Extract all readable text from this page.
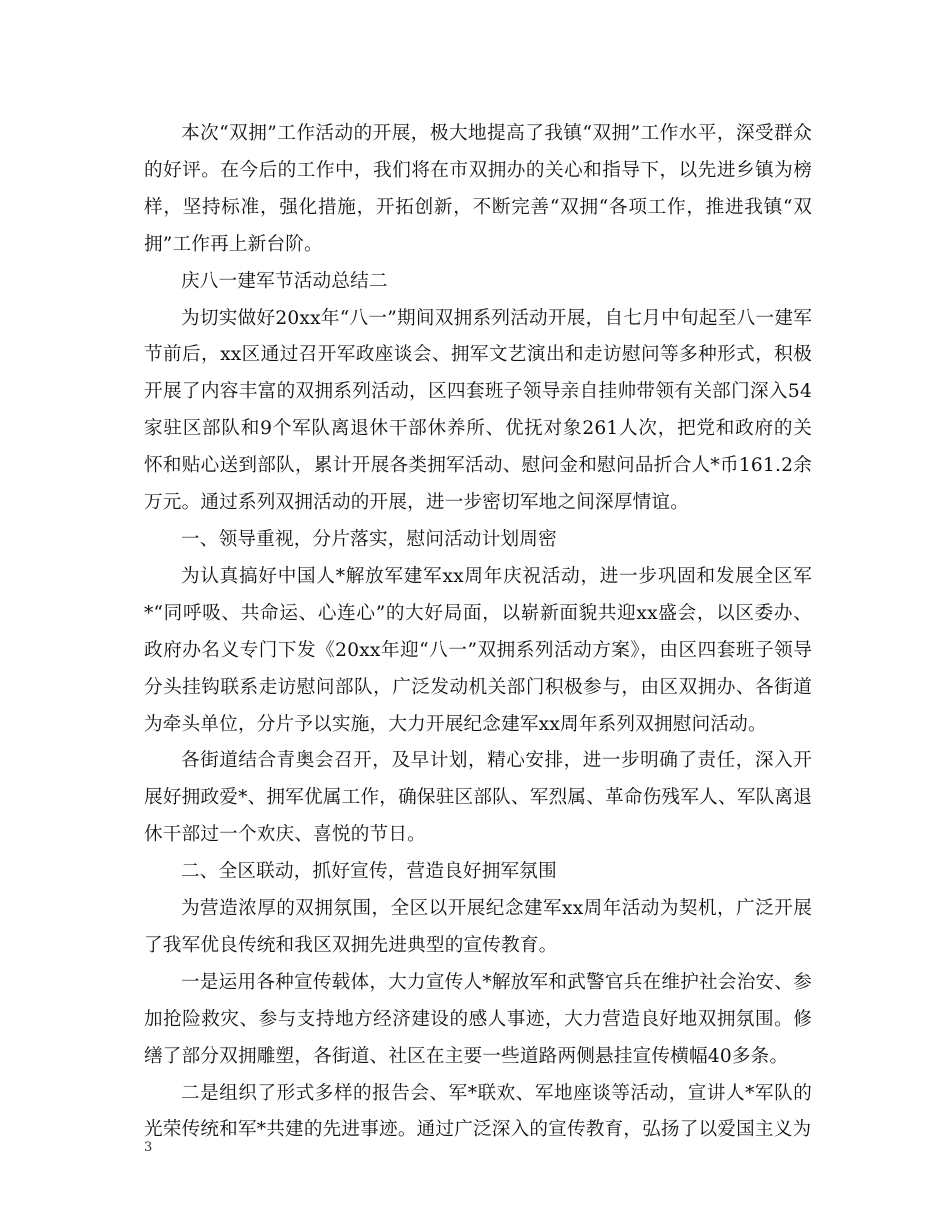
本次“双拥”工作活动的开展，极大地提高了我镇“双拥”工作水平，深受群众的好评。在今后的工作中，我们将在市双拥办的关心和指导下，以先进乡镇为榜样，坚持标准，强化措施，开拓创新，不断完善“双拥“各项工作，推进我镇“双拥”工作再上新台阶。

庆八一建军节活动总结二

为切实做好20xx年“八一”期间双拥系列活动开展，自七月中旬起至八一建军节前后，xx区通过召开军政座谈会、拥军文艺演出和走访慰问等多种形式，积极开展了内容丰富的双拥系列活动，区四套班子领导亲自挂帅带领有关部门深入54家驻区部队和9个军队离退休干部休养所、优抚对象261人次，把党和政府的关怀和贴心送到部队，累计开展各类拥军活动、慰问金和慰问品折合人*币161.2余万元。通过系列双拥活动的开展，进一步密切军地之间深厚情谊。

一、领导重视，分片落实，慰问活动计划周密

为认真搞好中国人*解放军建军xx周年庆祝活动，进一步巩固和发展全区军*“同呼吸、共命运、心连心”的大好局面，以崭新面貌共迎xx盛会，以区委办、政府办名义专门下发《20xx年迎“八一”双拥系列活动方案》，由区四套班子领导分头挂钩联系走访慰问部队，广泛发动机关部门积极参与，由区双拥办、各街道为牵头单位，分片予以实施，大力开展纪念建军xx周年系列双拥慰问活动。

各街道结合青奥会召开，及早计划，精心安排，进一步明确了责任，深入开展好拥政爱*、拥军优属工作，确保驻区部队、军烈属、革命伤残军人、军队离退休干部过一个欢庆、喜悦的节日。

二、全区联动，抓好宣传，营造良好拥军氛围

为营造浓厚的双拥氛围，全区以开展纪念建军xx周年活动为契机，广泛开展了我军优良传统和我区双拥先进典型的宣传教育。

一是运用各种宣传载体，大力宣传人*解放军和武警官兵在维护社会治安、参加抢险救灾、参与支持地方经济建设的感人事迹，大力营造良好地双拥氛围。修缮了部分双拥雕塑，各街道、社区在主要一些道路两侧悬挂宣传横幅40多条。

二是组织了形式多样的报告会、军*联欢、军地座谈等活动，宣讲人*军队的光荣传统和军*共建的先进事迹。通过广泛深入的宣传教育，弘扬了以爱国主义为

3
